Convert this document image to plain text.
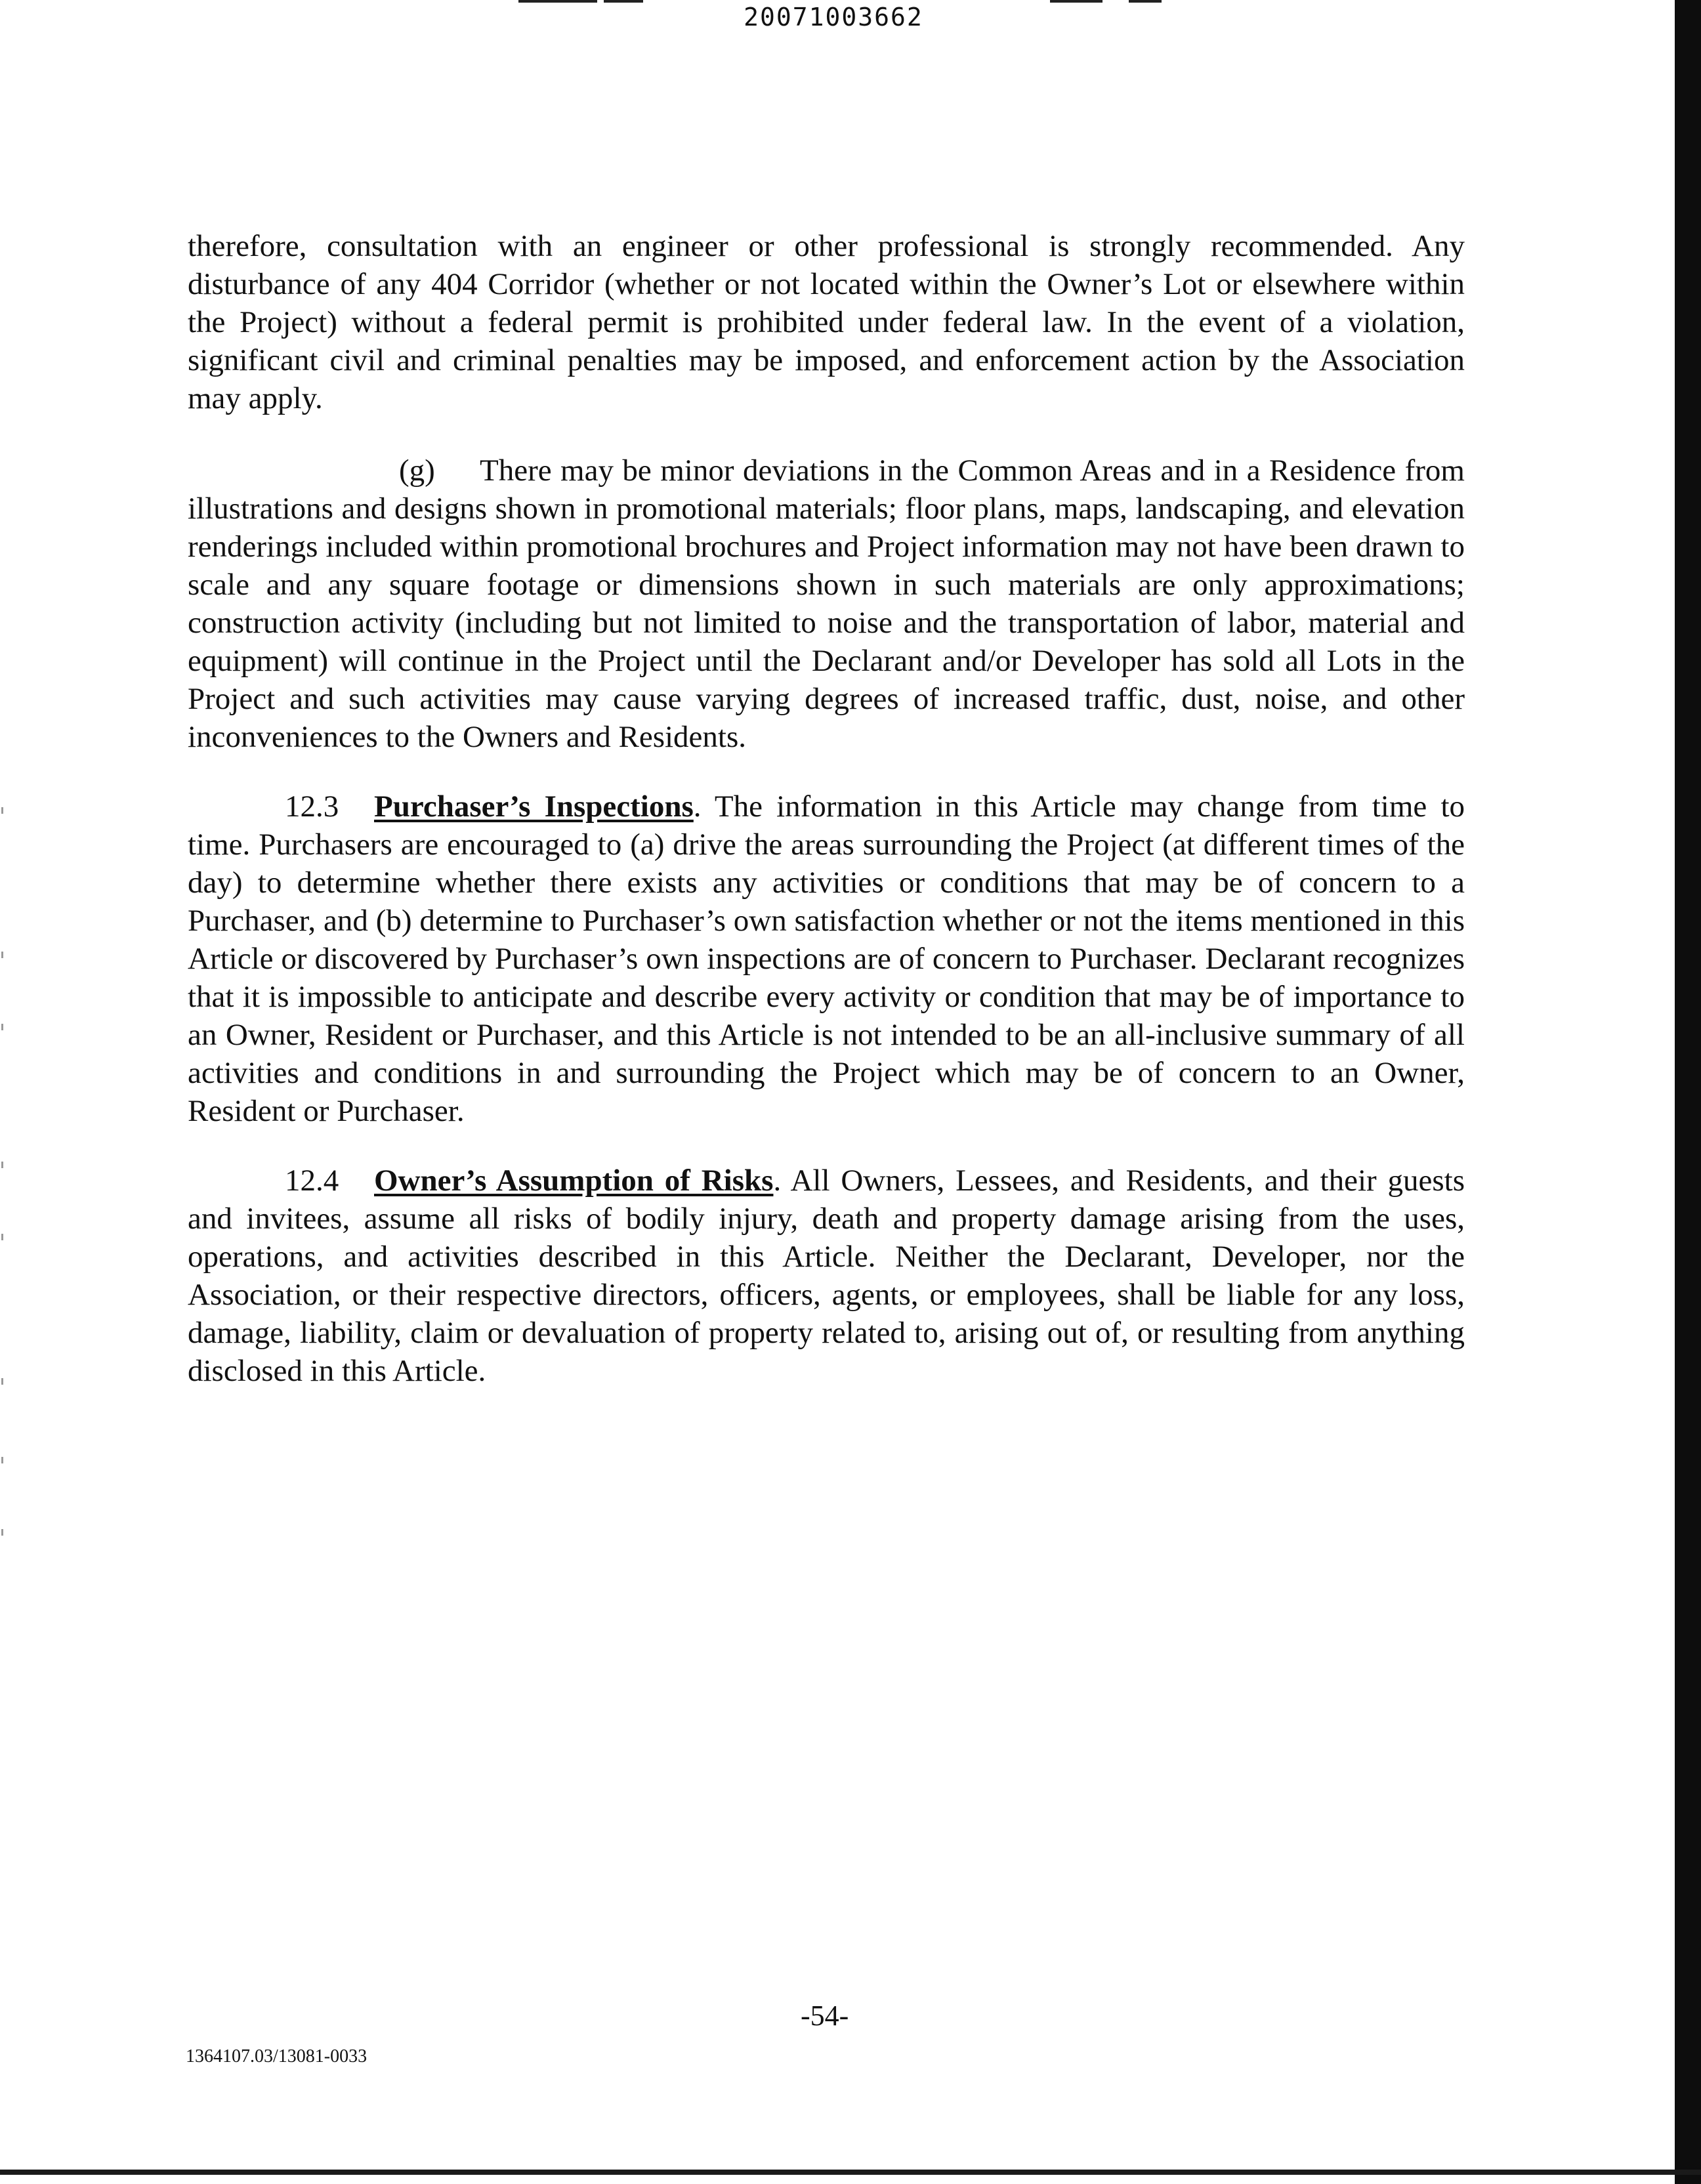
20071003662

therefore, consultation with an engineer or other professional is strongly recommended. Any disturbance of any 404 Corridor (whether or not located within the Owner’s Lot or elsewhere within the Project) without a federal permit is prohibited under federal law. In the event of a violation, significant civil and criminal penalties may be imposed, and enforcement action by the Association may apply.

(g) There may be minor deviations in the Common Areas and in a Residence from illustrations and designs shown in promotional materials; floor plans, maps, landscaping, and elevation renderings included within promotional brochures and Project information may not have been drawn to scale and any square footage or dimensions shown in such materials are only approximations; construction activity (including but not limited to noise and the transportation of labor, material and equipment) will continue in the Project until the Declarant and/or Developer has sold all Lots in the Project and such activities may cause varying degrees of increased traffic, dust, noise, and other inconveniences to the Owners and Residents.

12.3 Purchaser’s Inspections. The information in this Article may change from time to time. Purchasers are encouraged to (a) drive the areas surrounding the Project (at different times of the day) to determine whether there exists any activities or conditions that may be of concern to a Purchaser, and (b) determine to Purchaser’s own satisfaction whether or not the items mentioned in this Article or discovered by Purchaser’s own inspections are of concern to Purchaser. Declarant recognizes that it is impossible to anticipate and describe every activity or condition that may be of importance to an Owner, Resident or Purchaser, and this Article is not intended to be an all-inclusive summary of all activities and conditions in and surrounding the Project which may be of concern to an Owner, Resident or Purchaser.

12.4 Owner’s Assumption of Risks. All Owners, Lessees, and Residents, and their guests and invitees, assume all risks of bodily injury, death and property damage arising from the uses, operations, and activities described in this Article. Neither the Declarant, Developer, nor the Association, or their respective directors, officers, agents, or employees, shall be liable for any loss, damage, liability, claim or devaluation of property related to, arising out of, or resulting from anything disclosed in this Article.

-54-
1364107.03/13081-0033
